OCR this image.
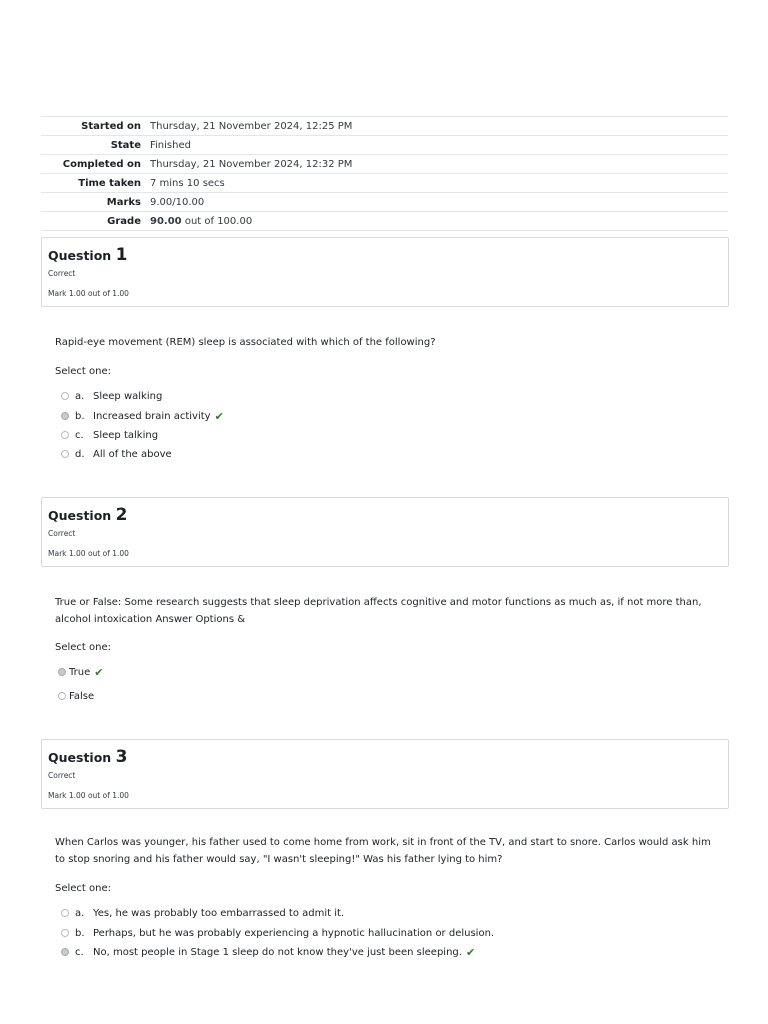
Started on	Thursday, 21 November 2024, 12:25 PM
State	Finished
Completed on	Thursday, 21 November 2024, 12:32 PM
Time taken	7 mins 10 secs
Marks	9.00/10.00
Grade	90.00 out of 100.00
Question 1
Correct
Mark 1.00 out of 1.00
Rapid-eye movement (REM) sleep is associated with which of the following?
Select one:
a. Sleep walking
b. Increased brain activity ✔
c. Sleep talking
d. All of the above
Question 2
Correct
Mark 1.00 out of 1.00
True or False: Some research suggests that sleep deprivation affects cognitive and motor functions as much as, if not more than, alcohol intoxication Answer Options &
Select one:
True ✔
False
Question 3
Correct
Mark 1.00 out of 1.00
When Carlos was younger, his father used to come home from work, sit in front of the TV, and start to snore. Carlos would ask him to stop snoring and his father would say, "I wasn't sleeping!" Was his father lying to him?
Select one:
a. Yes, he was probably too embarrassed to admit it.
b. Perhaps, but he was probably experiencing a hypnotic hallucination or delusion.
c. No, most people in Stage 1 sleep do not know they've just been sleeping. ✔
